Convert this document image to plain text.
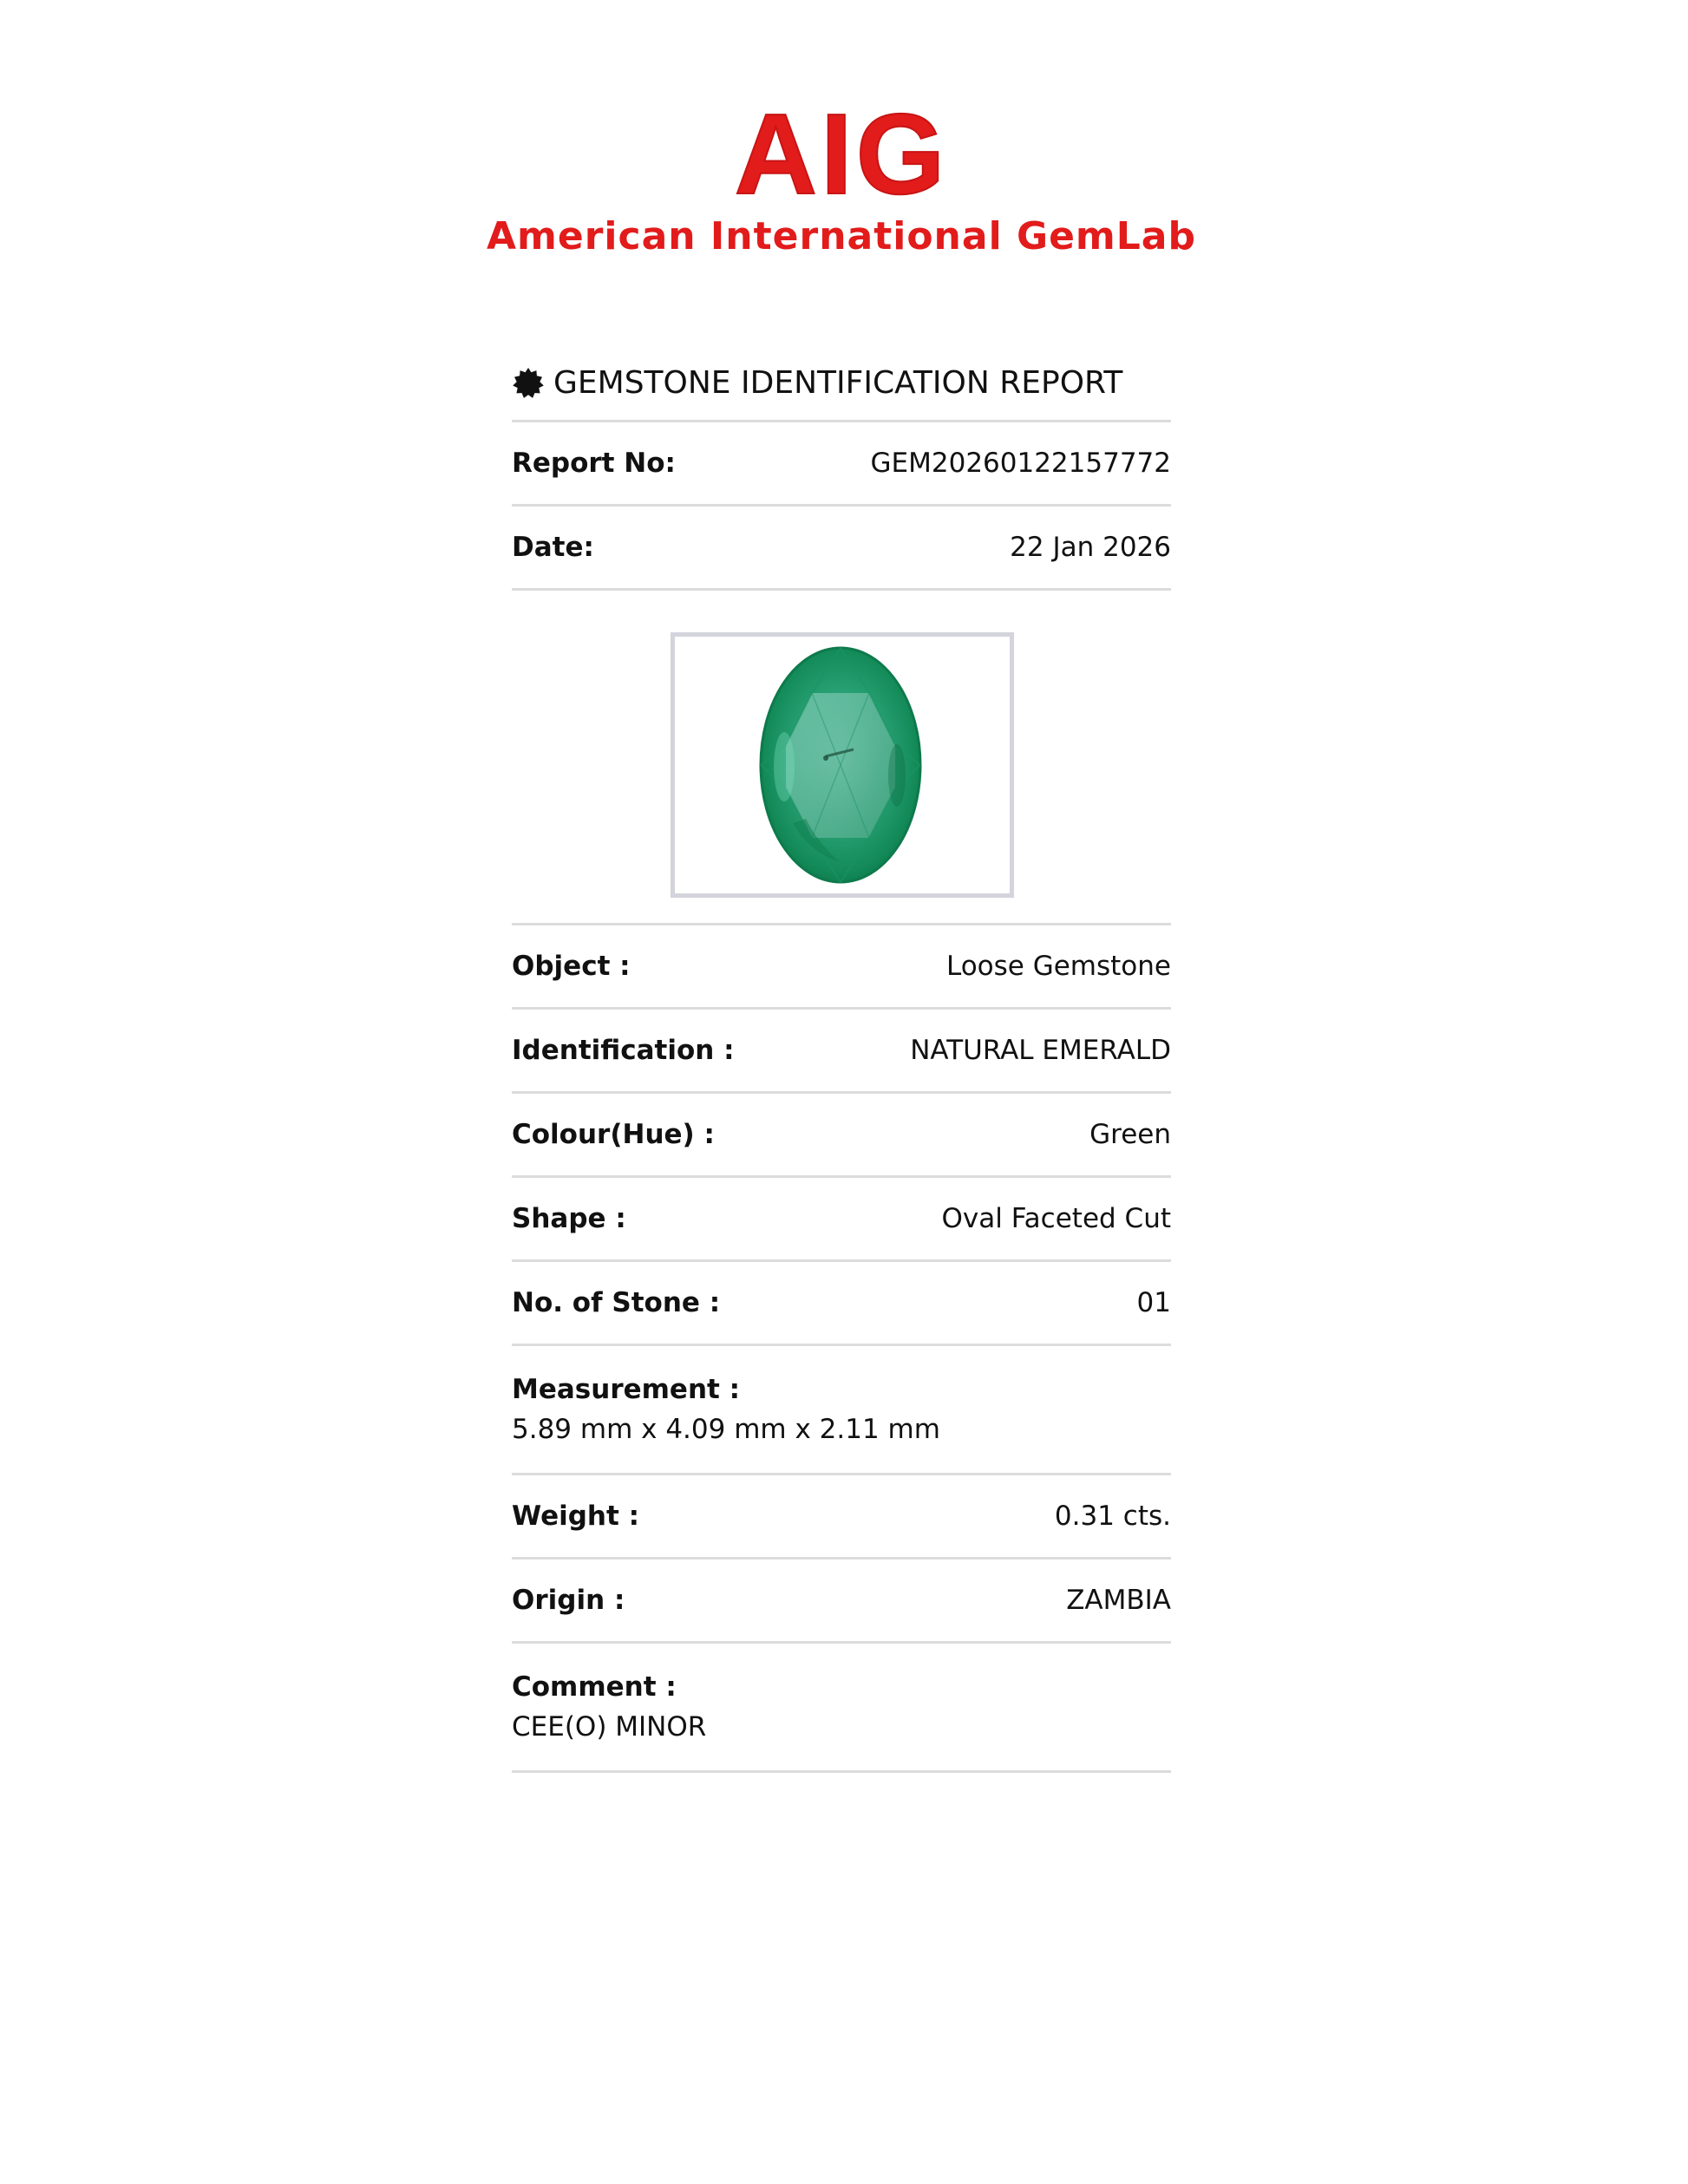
AIG
American International GemLab
GEMSTONE IDENTIFICATION REPORT
Report No:	GEM20260122157772
Date:	22 Jan 2026
Object :	Loose Gemstone
Identification :	NATURAL EMERALD
Colour(Hue) :	Green
Shape :	Oval Faceted Cut
No. of Stone :	01
Measurement :
5.89 mm x 4.09 mm x 2.11 mm
Weight :	0.31 cts.
Origin :	ZAMBIA
Comment :
CEE(O) MINOR
